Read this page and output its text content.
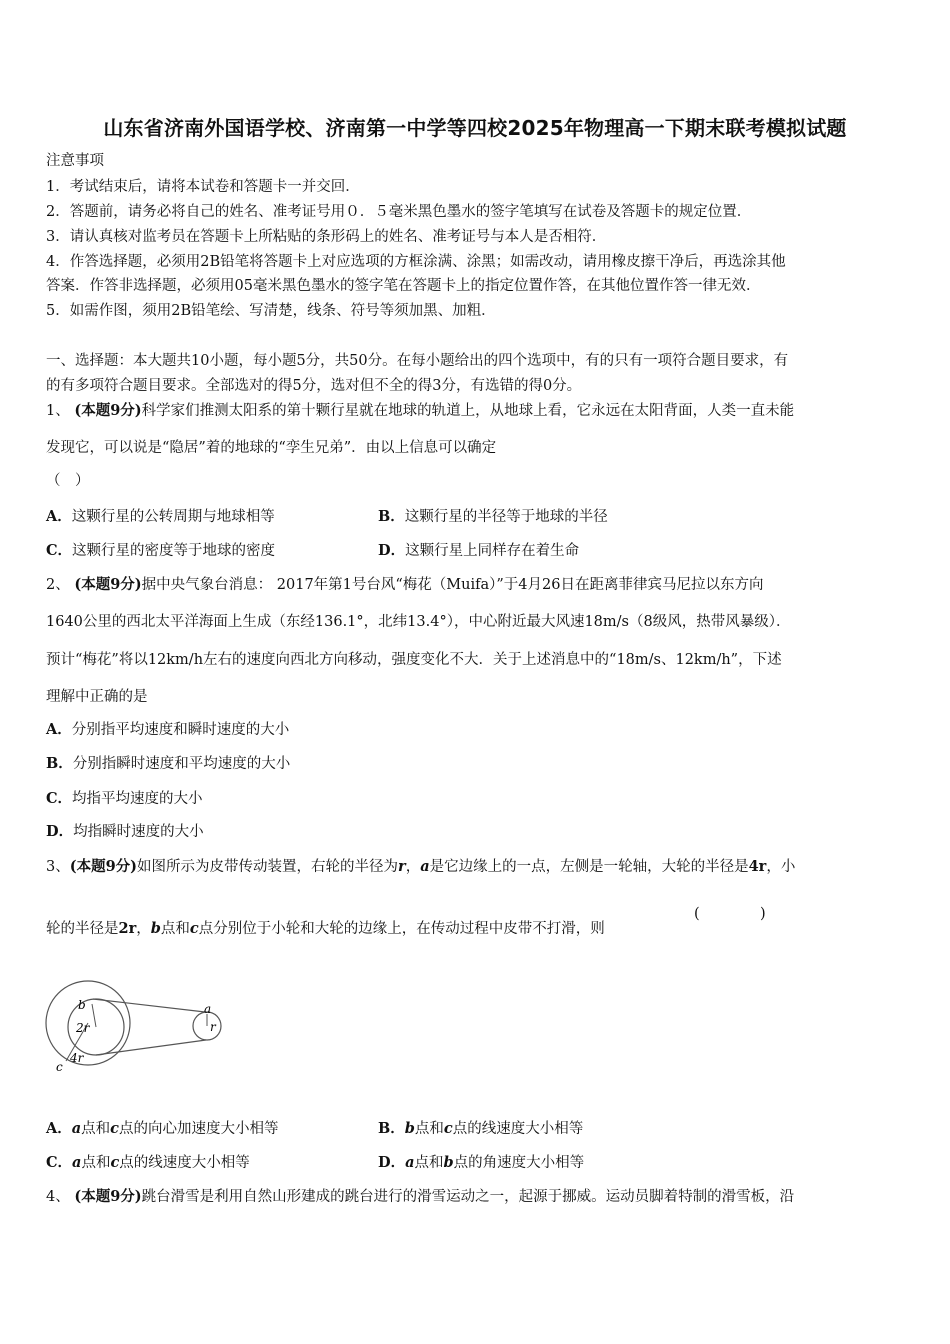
山东省济南外国语学校、济南第一中学等四校2025年物理高一下期末联考模拟试题
注意事项
1．考试结束后，请将本试卷和答题卡一并交回．
2．答题前，请务必将自己的姓名、准考证号用０．５毫米黑色墨水的签字笔填写在试卷及答题卡的规定位置．
3．请认真核对监考员在答题卡上所粘贴的条形码上的姓名、准考证号与本人是否相符．
4．作答选择题，必须用2B铅笔将答题卡上对应选项的方框涂满、涂黑；如需改动，请用橡皮擦干净后，再选涂其他
答案．作答非选择题，必须用05毫米黑色墨水的签字笔在答题卡上的指定位置作答，在其他位置作答一律无效．
5．如需作图，须用2B铅笔绘、写清楚，线条、符号等须加黑、加粗．
一、选择题：本大题共10小题，每小题5分，共50分。在每小题给出的四个选项中，有的只有一项符合题目要求，有
的有多项符合题目要求。全部选对的得5分，选对但不全的得3分，有选错的得0分。
1、 (本题9分)科学家们推测太阳系的第十颗行星就在地球的轨道上，从地球上看，它永远在太阳背面，人类一直未能
发现它，可以说是“隐居”着的地球的“孪生兄弟”．由以上信息可以确定
（　）
A．这颗行星的公转周期与地球相等	B．这颗行星的半径等于地球的半径
C．这颗行星的密度等于地球的密度	D．这颗行星上同样存在着生命
2、 (本题9分)据中央气象台消息： 2017年第1号台风“梅花（Muifa）”于4月26日在距离菲律宾马尼拉以东方向
1640公里的西北太平洋海面上生成（东经136.1°，北纬13.4°），中心附近最大风速18m/s（8级风，热带风暴级）．
预计“梅花”将以12km/h左右的速度向西北方向移动，强度变化不大．关于上述消息中的“18m/s、12km/h”，下述
理解中正确的是
A．分别指平均速度和瞬时速度的大小
B．分别指瞬时速度和平均速度的大小
C．均指平均速度的大小
D．均指瞬时速度的大小
3、(本题9分)如图所示为皮带传动装置，右轮的半径为r，a是它边缘上的一点，左侧是一轮轴，大轮的半径是4r，小
轮的半径是2r，b点和c点分别位于小轮和大轮的边缘上，在传动过程中皮带不打滑，则
(	)
b
2r
a
r
4r
c
A．a点和c点的向心加速度大小相等	B．b点和c点的线速度大小相等
C．a点和c点的线速度大小相等	D．a点和b点的角速度大小相等
4、 (本题9分)跳台滑雪是利用自然山形建成的跳台进行的滑雪运动之一，起源于挪威。运动员脚着特制的滑雪板，沿
